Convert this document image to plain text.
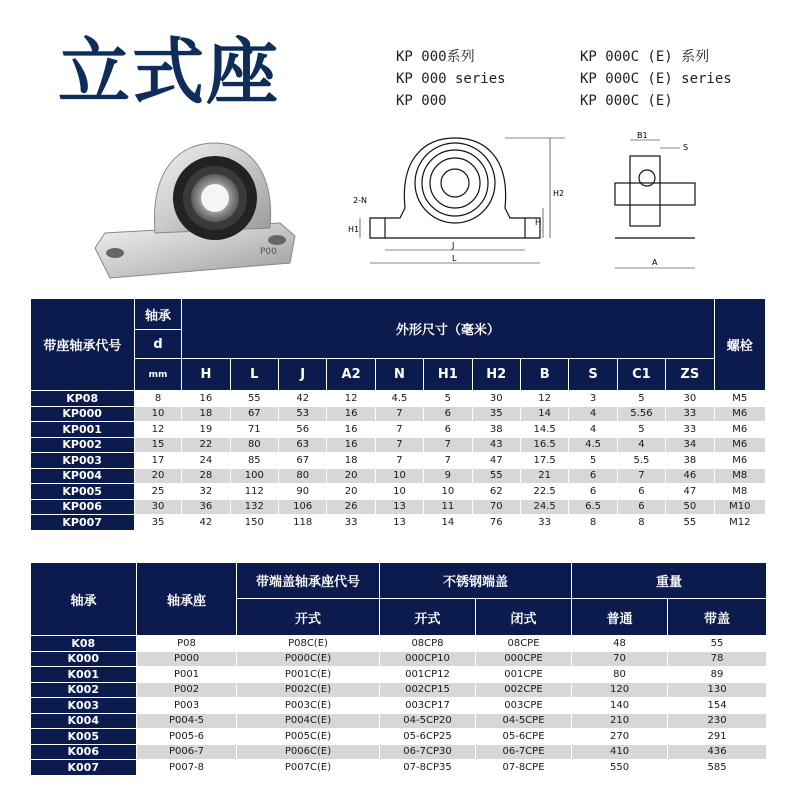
立式座	KP 000系列
KP 000 series
KP 000
KP 000C (E) 系列
KP 000C (E) series
KP 000C (E)
P00
2-N
H1
J
L
H
H2
B1
S
A
带座轴承代号	轴承	外形尺寸（毫米）											螺栓
	d												
	mm	H	L	J	A2	N	H1	H2	B	S	C1	ZS	
KP08	8	16	55	42	12	4.5	5	30	12	3	5	30	M5
KP000	10	18	67	53	16	7	6	35	14	4	5.56	33	M6
KP001	12	19	71	56	16	7	6	38	14.5	4	5	33	M6
KP002	15	22	80	63	16	7	7	43	16.5	4.5	4	34	M6
KP003	17	24	85	67	18	7	7	47	17.5	5	5.5	38	M6
KP004	20	28	100	80	20	10	9	55	21	6	7	46	M8
KP005	25	32	112	90	20	10	10	62	22.5	6	6	47	M8
KP006	30	36	132	106	26	13	11	70	24.5	6.5	6	50	M10
KP007	35	42	150	118	33	13	14	76	33	8	8	55	M12
轴承	轴承座	带端盖轴承座代号	不锈钢端盖		重量	
		开式	开式	闭式	普通	带盖
K08	P08	P08C(E)	08CP8	08CPE	48	55
K000	P000	P000C(E)	000CP10	000CPE	70	78
K001	P001	P001C(E)	001CP12	001CPE	80	89
K002	P002	P002C(E)	002CP15	002CPE	120	130
K003	P003	P003C(E)	003CP17	003CPE	140	154
K004	P004-5	P004C(E)	04-5CP20	04-5CPE	210	230
K005	P005-6	P005C(E)	05-6CP25	05-6CPE	270	291
K006	P006-7	P006C(E)	06-7CP30	06-7CPE	410	436
K007	P007-8	P007C(E)	07-8CP35	07-8CPE	550	585
